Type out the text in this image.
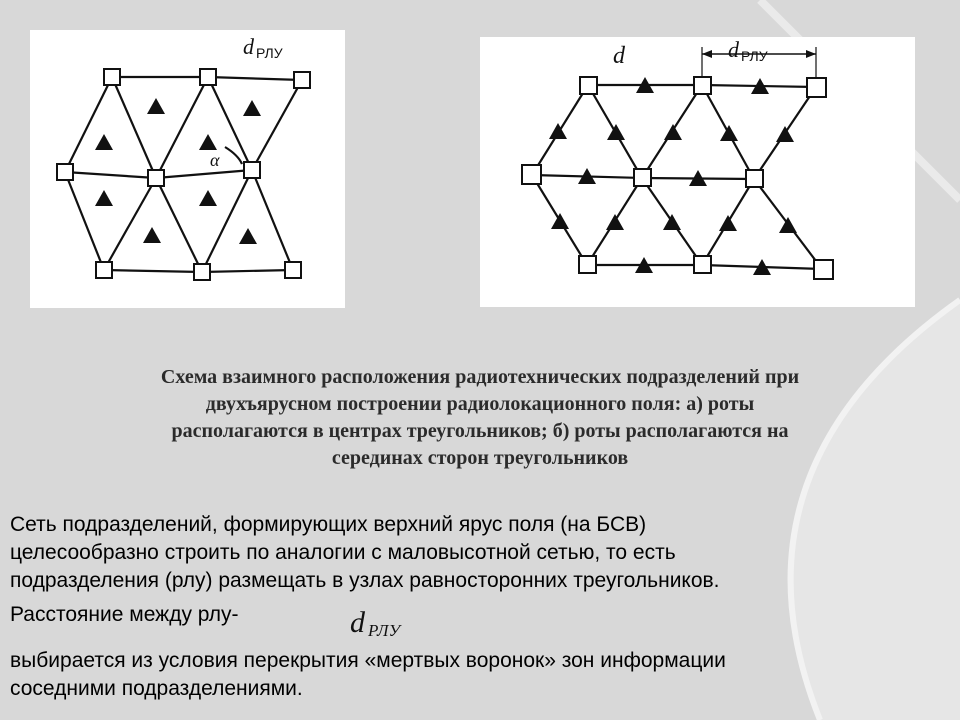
d РЛУ
α
d	d РЛУ
Схема взаимного расположения радиотехнических подразделений при
двухъярусном построении радиолокационного поля: а) роты
располагаются в центрах треугольников; б) роты располагаются на
серединах сторон треугольников
Сеть подразделений, формирующих верхний ярус поля (на БСВ)
целесообразно строить по аналогии с маловысотной сетью, то есть
подразделения (рлу) размещать в узлах равносторонних треугольников.
Расстояние между рлу-	d РЛУ
выбирается из условия перекрытия «мертвых воронок» зон информации
соседними подразделениями.
